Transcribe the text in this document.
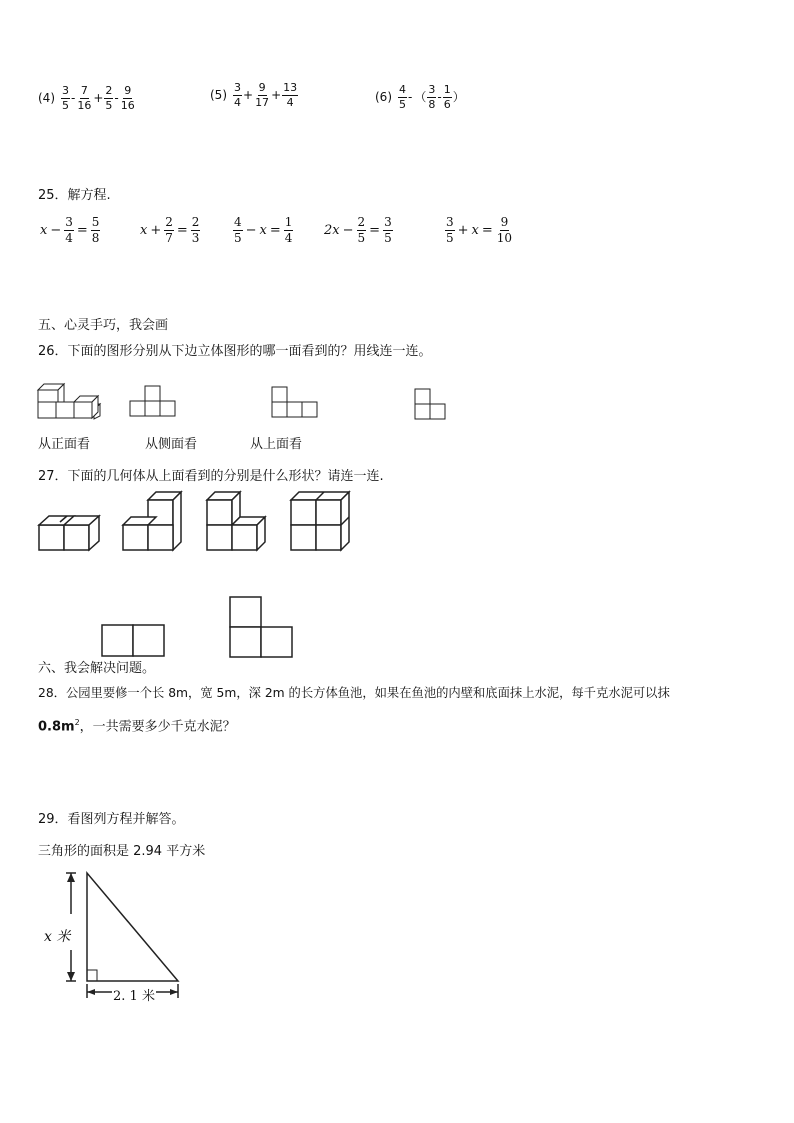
$(4) \frac{3}{5} - \frac{7}{16} + \frac{2}{5} - \frac{9}{16}$	$(5) \frac{3}{4} + \frac{9}{17} + \frac{13}{4}$	$(6) \frac{4}{5}$ - （ $\frac{3}{8} - \frac{1}{6}$ ）
25．解方程.
$x - \frac{3}{4} = \frac{5}{8}$	$x + \frac{2}{7} = \frac{2}{3}$	$\frac{4}{5} - x = \frac{1}{4} 2x - \frac{2}{5} = \frac{3}{5}$	$\frac{3}{5} + x = \frac{9}{10}$
五、心灵手巧，我会画
26．下面的图形分别从下边立体图形的哪一面看到的？用线连一连。
从正面看	从侧面看	从上面看
27．下面的几何体从上面看到的分别是什么形状？请连一连.
六、我会解决问题。
28．公园里要修一个长 8m，宽 5m，深 2m 的长方体鱼池，如果在鱼池的内壁和底面抹上水泥，每千克水泥可以抹
$0.8m^2$，一共需要多少千克水泥？
29．看图列方程并解答。
三角形的面积是 2.94 平方米
x 米
2. 1 米
